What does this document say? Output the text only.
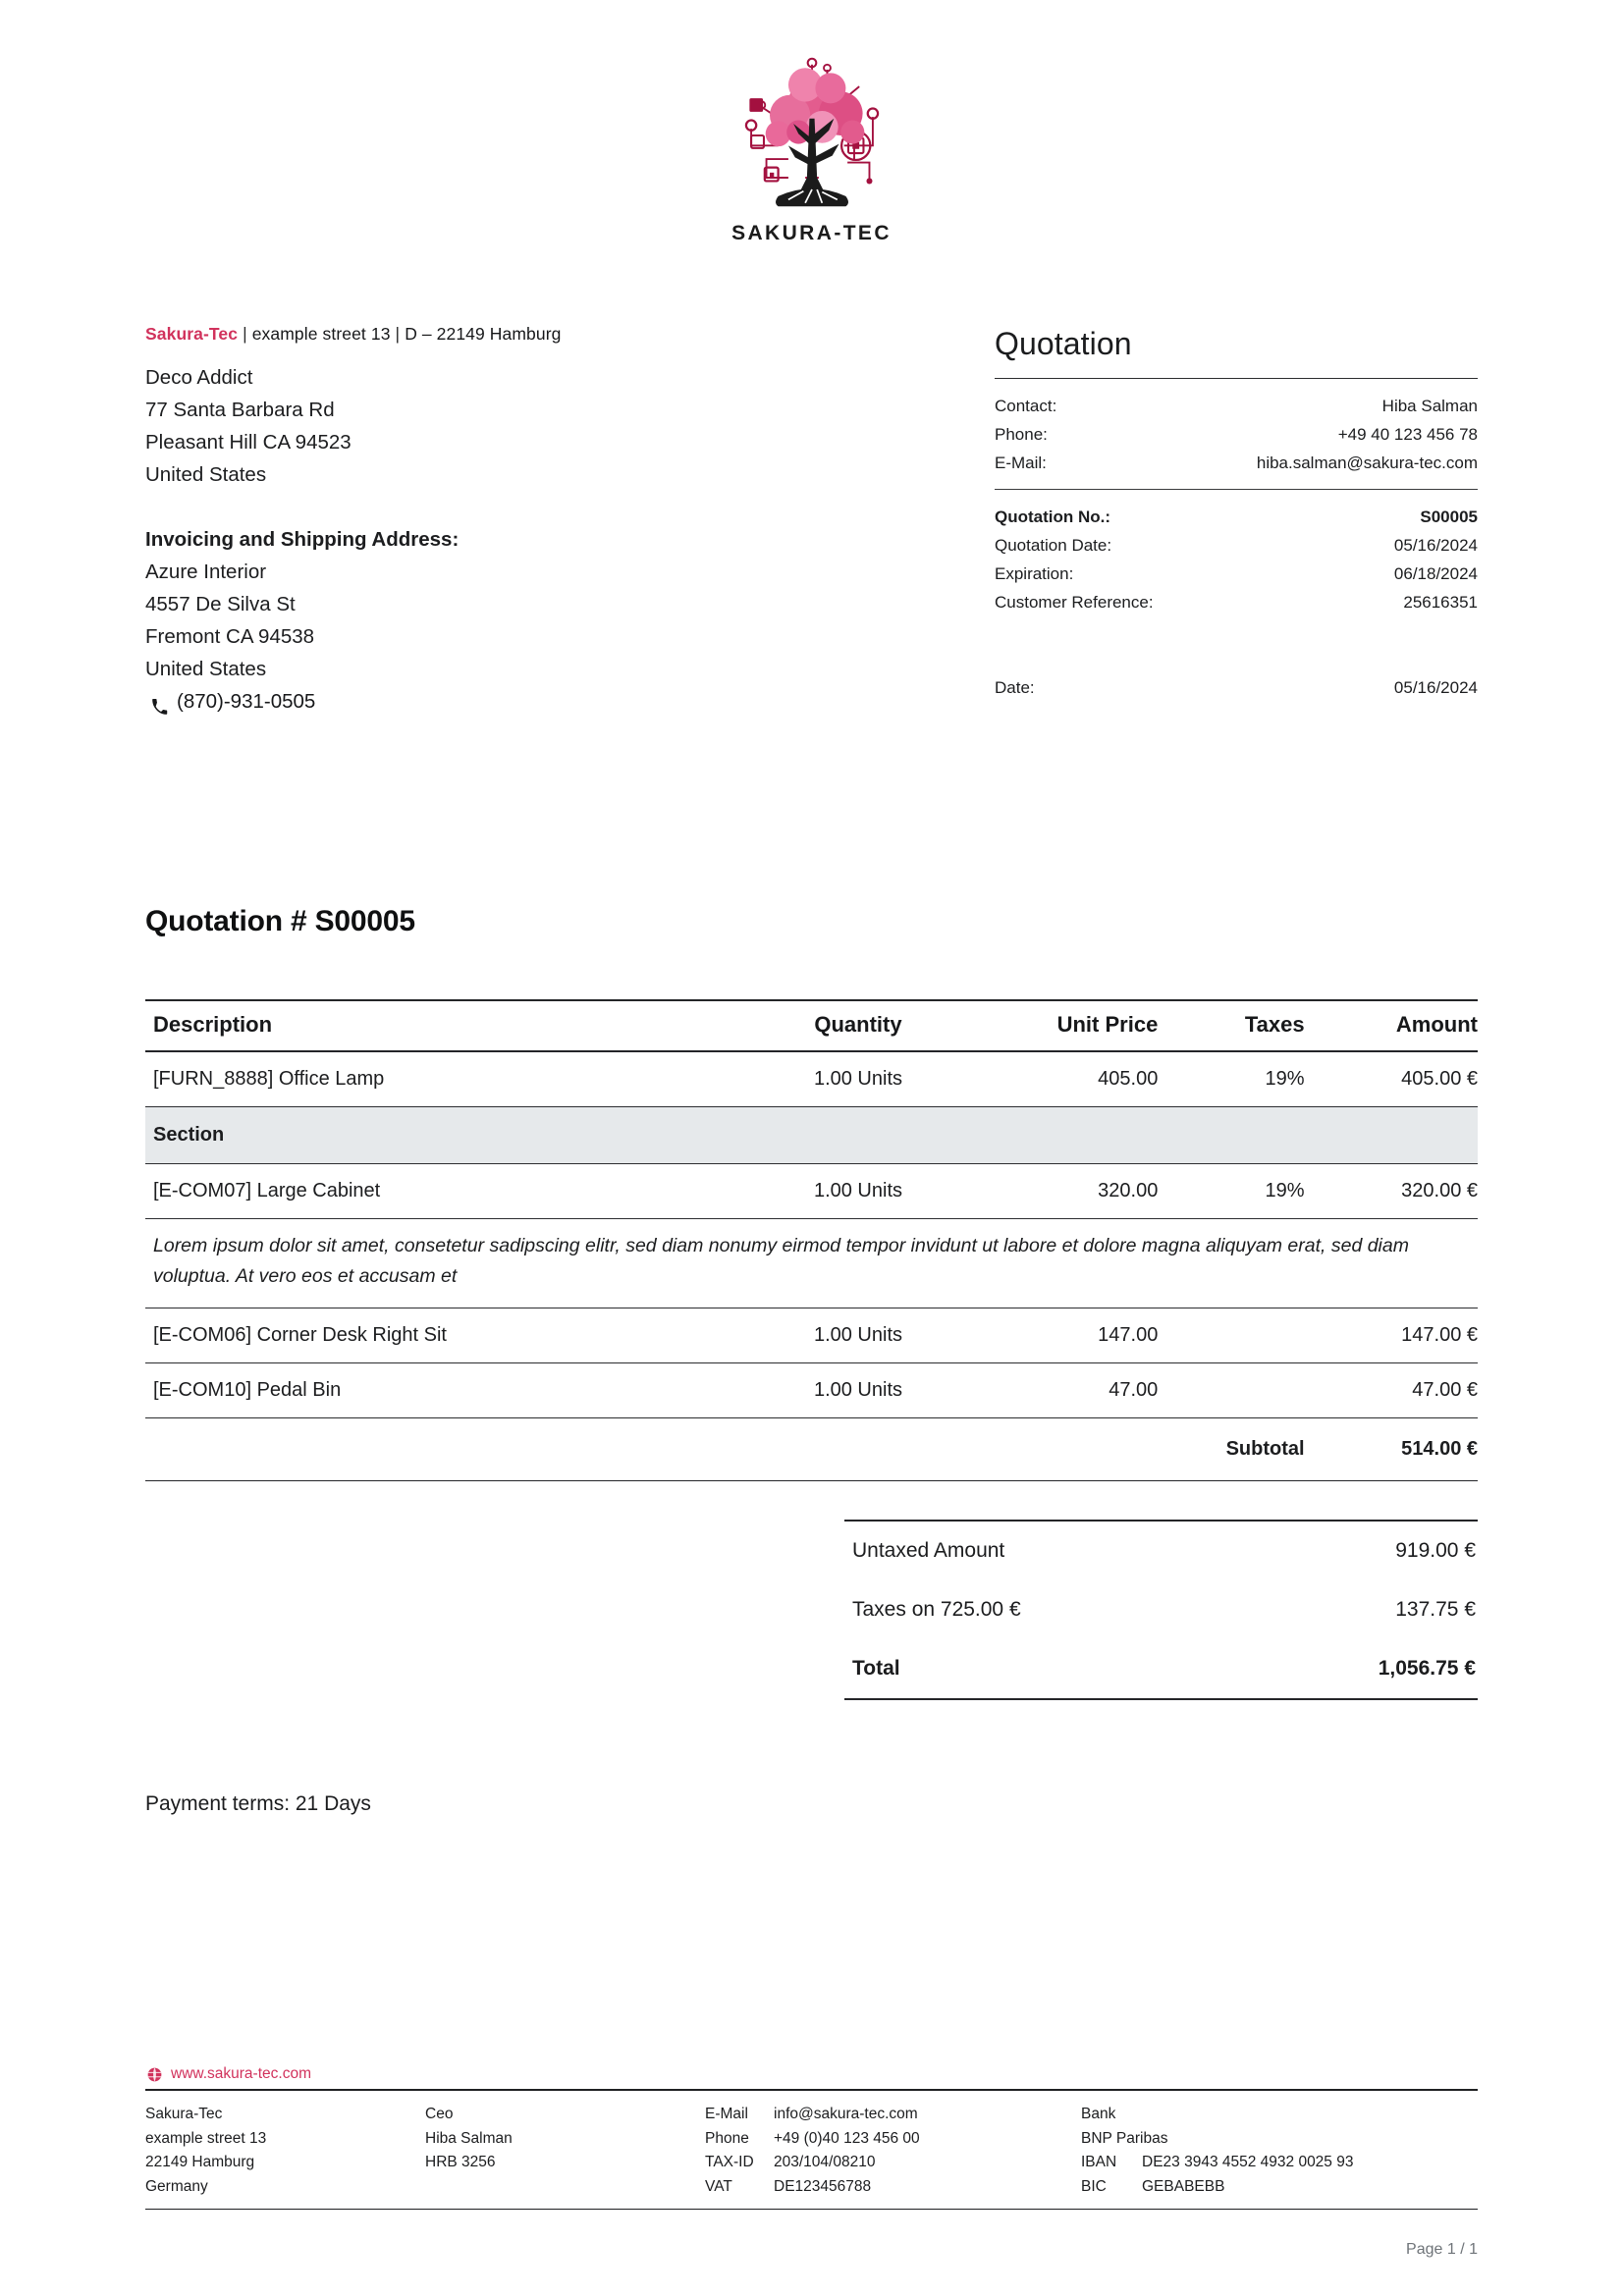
SAKURA-TEC
Sakura-Tec | example street 13 | D – 22149 Hamburg
Deco Addict
77 Santa Barbara Rd
Pleasant Hill CA 94523
United States
Invoicing and Shipping Address:
Azure Interior
4557 De Silva St
Fremont CA 94538
United States
(870)-931-0505
Quotation
Contact:	Hiba Salman
Phone:	+49 40 123 456 78
E-Mail:	hiba.salman@sakura-tec.com
Quotation No.:	S00005
Quotation Date:	05/16/2024
Expiration:	06/18/2024
Customer Reference:	25616351

Date:	05/16/2024
Quotation # S00005
Description	Quantity	Unit Price	Taxes	Amount
[FURN_8888] Office Lamp	1.00 Units	405.00	19%	405.00 €
Section				
[E-COM07] Large Cabinet	1.00 Units	320.00	19%	320.00 €
Lorem ipsum dolor sit amet, consetetur sadipscing elitr, sed diam nonumy eirmod tempor invidunt ut labore et dolore magna aliquyam erat, sed diam voluptua. At vero eos et accusam et				
[E-COM06] Corner Desk Right Sit	1.00 Units	147.00		147.00 €
[E-COM10] Pedal Bin	1.00 Units	47.00		47.00 €
Subtotal				514.00 €
Untaxed Amount	919.00 €
Taxes on 725.00 €	137.75 €
Total	1,056.75 €
Payment terms: 21 Days
www.sakura-tec.com
Sakura-Tec
example street 13
22149 Hamburg
Germany
Ceo
Hiba Salman
HRB 3256
E-Mail	info@sakura-tec.com
Phone	+49 (0)40 123 456 00
TAX-ID	203/104/08210
VAT	DE123456788
Bank
BNP Paribas
IBAN	DE23 3943 4552 4932 0025 93
BIC	GEBABEBB
Page 1 / 1
